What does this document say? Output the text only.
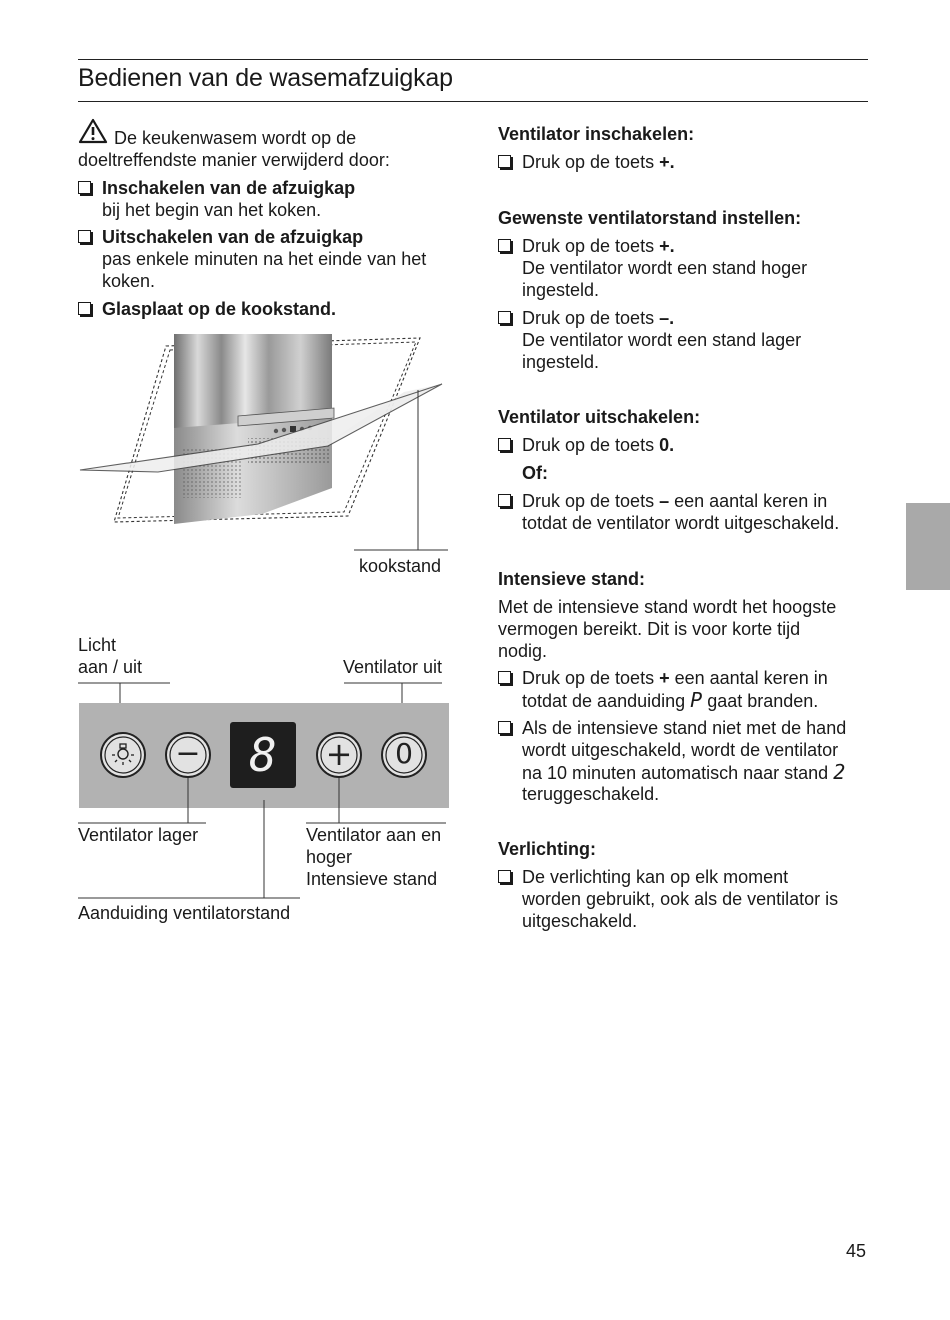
Bedienen van de wasemafzuigkap
De keukenwasem wordt op de
doeltreffendste manier verwijderd door:
Inschakelen van de afzuigkap
bij het begin van het koken.
Uitschakelen van de afzuigkap
pas enkele minuten na het einde van het
koken.
Glasplaat op de kookstand.
kookstand
Licht
aan / uit	Ventilator uit
−	8	+	0
Ventilator lager	Ventilator aan en
hoger
Intensieve stand
Aanduiding ventilatorstand
Ventilator inschakelen:
Druk op de toets +.
Gewenste ventilatorstand instellen:
Druk op de toets +.
De ventilator wordt een stand hoger
ingesteld.
Druk op de toets –.
De ventilator wordt een stand lager
ingesteld.
Ventilator uitschakelen:
Druk op de toets 0.
Of:
Druk op de toets – een aantal keren in
totdat de ventilator wordt uitgeschakeld.
Intensieve stand:
Met de intensieve stand wordt het hoogste
vermogen bereikt. Dit is voor korte tijd
nodig.
Druk op de toets + een aantal keren in
totdat de aanduiding P gaat branden.
Als de intensieve stand niet met de hand
wordt uitgeschakeld, wordt de ventilator
na 10 minuten automatisch naar stand 2
teruggeschakeld.
Verlichting:
De verlichting kan op elk moment
worden gebruikt, ook als de ventilator is
uitgeschakeld.
45
